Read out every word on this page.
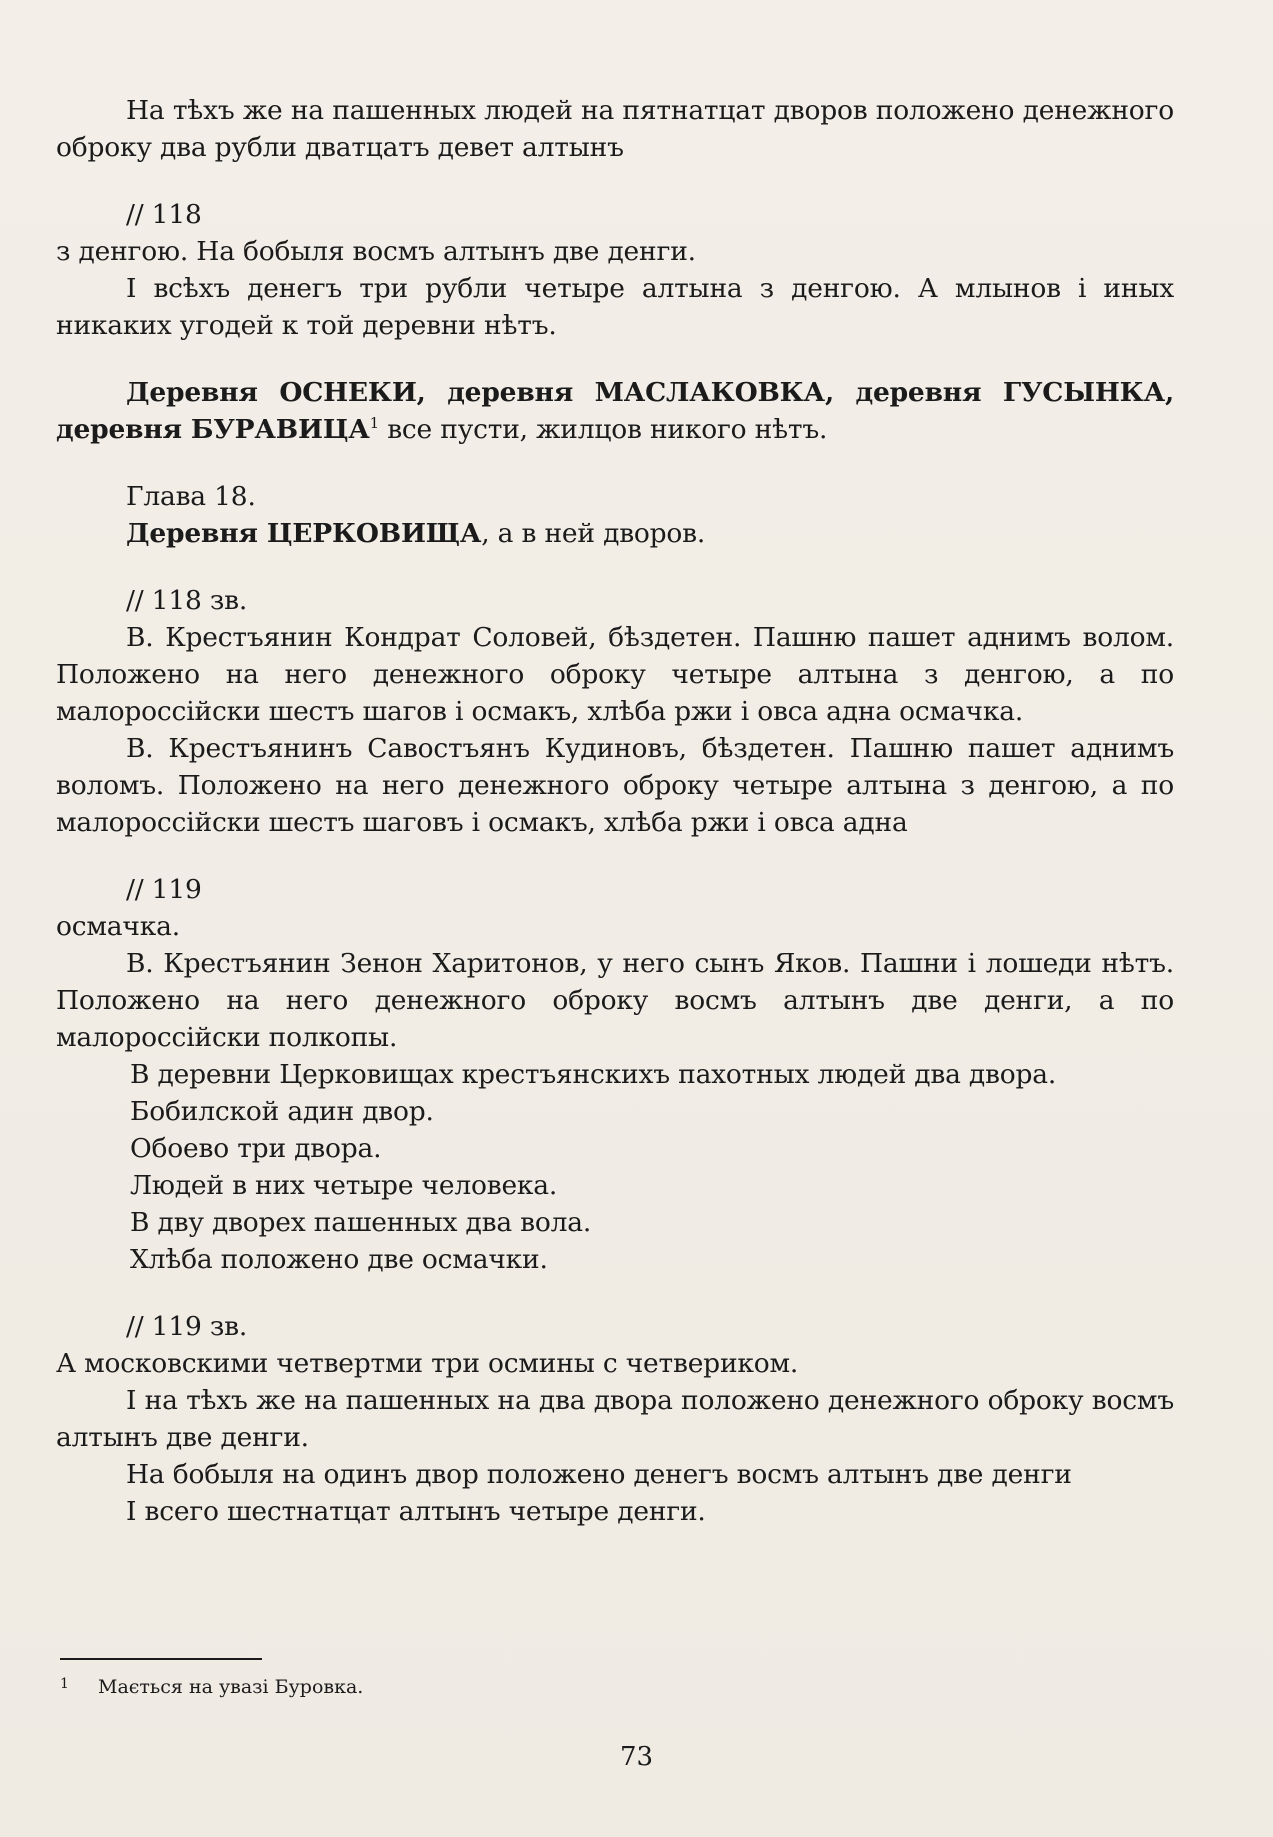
На тѣхъ же на пашенных людей на пятнатцат дворов положено денежного оброку два рубли дватцатъ девет алтынъ

// 118

з денгою. На бобыля восмъ алтынъ две денги.

І всѣхъ денегъ три рубли четыре алтына з денгою. А млынов і иных никаких угодей к той деревни нѣтъ.

Деревня ОСНЕКИ, деревня МАСЛАКОВКА, деревня ГУСЫНКА, деревня БУРАВИЦА$^1$ все пусти, жилцов никого нѣтъ.

Глава 18.

Деревня ЦЕРКОВИЩА, а в ней дворов.

// 118 зв.

В. Крестъянин Кондрат Соловей, бѣздетен. Пашню пашет аднимъ волом. Положено на него денежного оброку четыре алтына з денгою, а по малороссійски шестъ шагов і осмакъ, хлѣба ржи і овса адна осмачка.

В. Крестъянинъ Савостъянъ Кудиновъ, бѣздетен. Пашню пашет аднимъ воломъ. Положено на него денежного оброку четыре алтына з денгою, а по малороссійски шестъ шаговъ і осмакъ, хлѣба ржи і овса адна

// 119

осмачка.

В. Крестъянин Зенон Харитонов, у него сынъ Яков. Пашни і лошеди нѣтъ. Положено на него денежного оброку восмъ алтынъ две денги, а по малороссійски полкопы.

В деревни Церковищах крестъянскихъ пахотных людей два двора.
Бобилской адин двор.
Обоево три двора.
Людей в них четыре человека.
В дву дворех пашенных два вола.
Хлѣба положено две осмачки.

// 119 зв.

А московскими четвертми три осмины с четвериком.

І на тѣхъ же на пашенных на два двора положено денежного оброку восмъ алтынъ две денги.

На бобыля на одинъ двор положено денегъ восмъ алтынъ две денги

І всего шестнатцат алтынъ четыре денги.

1 Мається на увазі Буровка.
73
